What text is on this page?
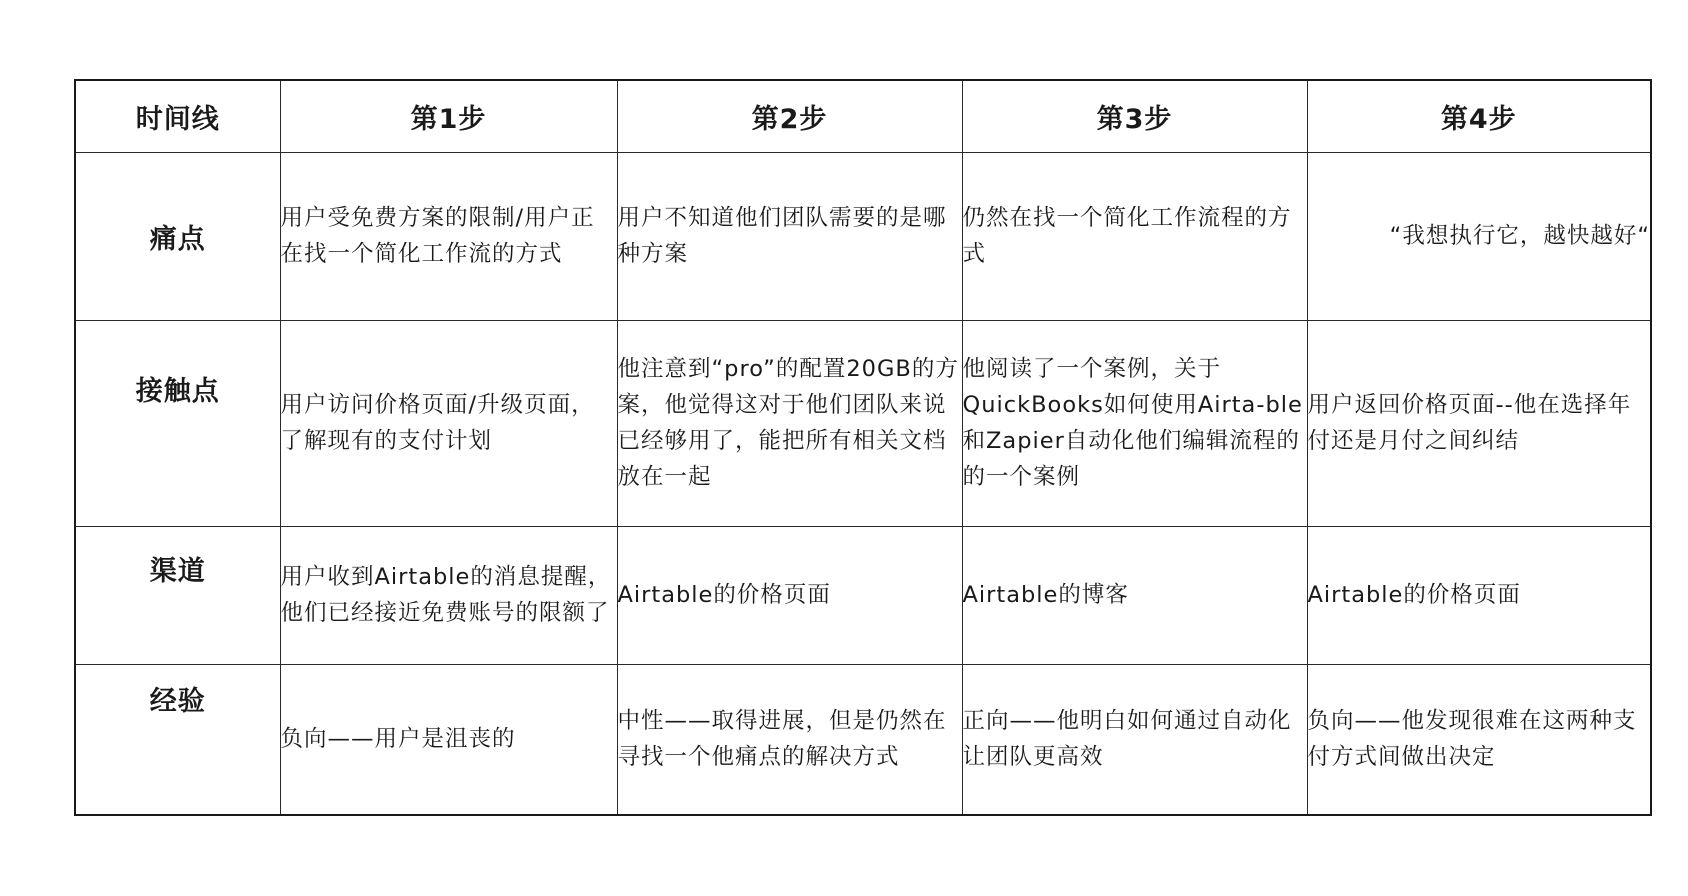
时间线	第1步	第2步	第3步	第4步
痛点	用户受免费方案的限制/用户正在找一个简化工作流的方式	用户不知道他们团队需要的是哪种方案	仍然在找一个简化工作流程的方式	“我想执行它，越快越好“

接触点	用户访问价格页面/升级页面，了解现有的支付计划	他注意到“pro”的配置20GB的方案，他觉得这对于他们团队来说已经够用了，能把所有相关文档放在一起	他阅读了一个案例，关于QuickBooks如何使用Airta-ble和Zapier自动化他们编辑流程的的一个案例	用户返回价格页面--他在选择年付还是月付之间纠结

渠道	用户收到Airtable的消息提醒，他们已经接近免费账号的限额了	Airtable的价格页面	Airtable的博客	Airtable的价格页面

经验	负向——用户是沮丧的	中性——取得进展，但是仍然在寻找一个他痛点的解决方式	正向——他明白如何通过自动化让团队更高效	负向——他发现很难在这两种支付方式间做出决定
